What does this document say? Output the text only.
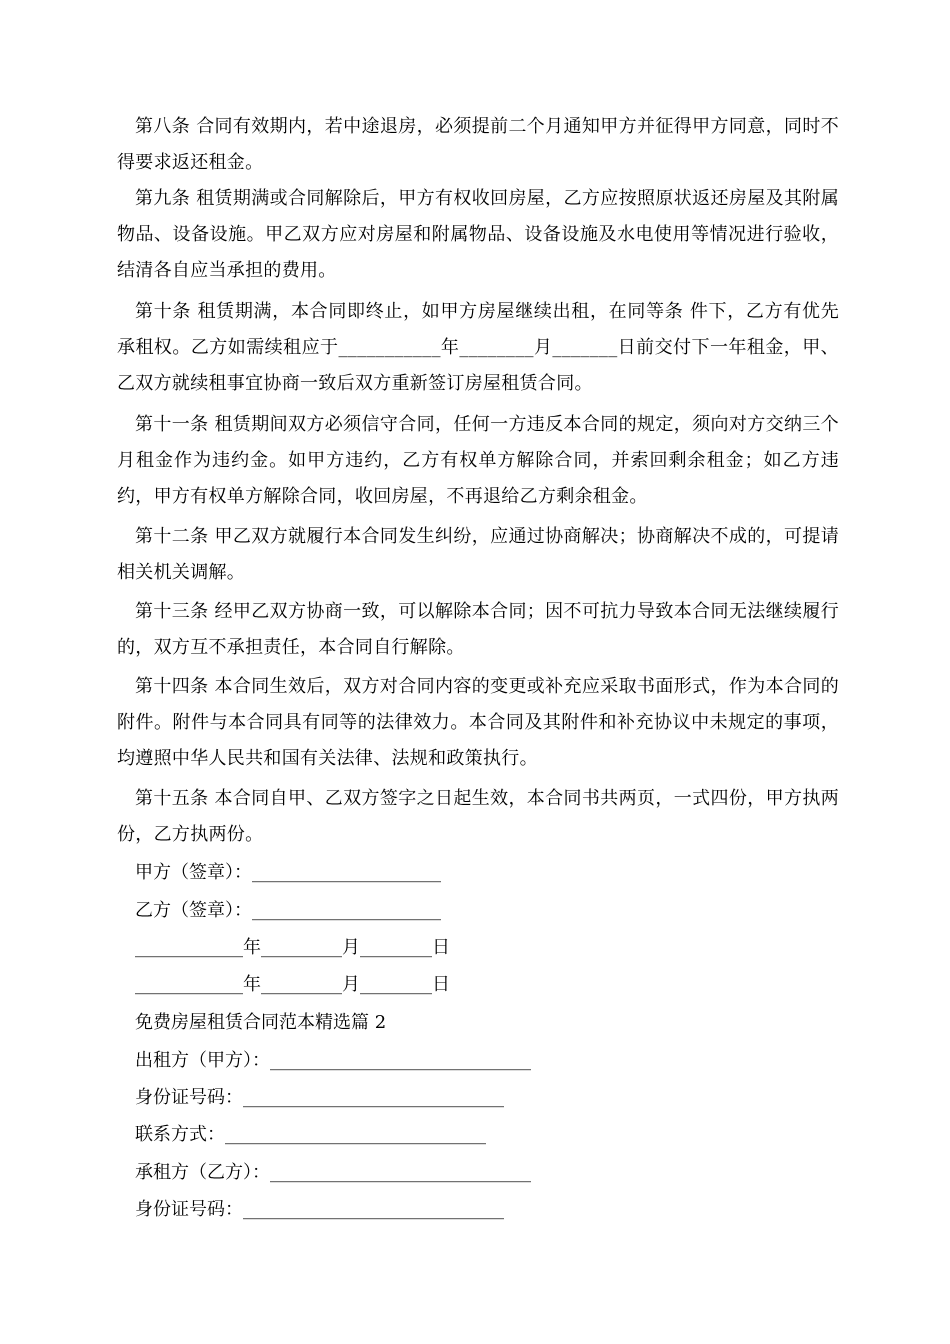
第八条 合同有效期内，若中途退房，必须提前二个月通知甲方并征得甲方同意，同时不得要求返还租金。

第九条 租赁期满或合同解除后，甲方有权收回房屋，乙方应按照原状返还房屋及其附属物品、设备设施。甲乙双方应对房屋和附属物品、设备设施及水电使用等情况进行验收，结清各自应当承担的费用。

第十条 租赁期满，本合同即终止，如甲方房屋继续出租，在同等条 件下，乙方有优先承租权。乙方如需续租应于___________年________月_______日前交付下一年租金，甲、乙双方就续租事宜协商一致后双方重新签订房屋租赁合同。

第十一条 租赁期间双方必须信守合同，任何一方违反本合同的规定，须向对方交纳三个月租金作为违约金。如甲方违约，乙方有权单方解除合同，并索回剩余租金；如乙方违约，甲方有权单方解除合同，收回房屋，不再退给乙方剩余租金。

第十二条 甲乙双方就履行本合同发生纠纷，应通过协商解决；协商解决不成的，可提请相关机关调解。

第十三条 经甲乙双方协商一致，可以解除本合同；因不可抗力导致本合同无法继续履行的，双方互不承担责任，本合同自行解除。

第十四条 本合同生效后，双方对合同内容的变更或补充应采取书面形式，作为本合同的附件。附件与本合同具有同等的法律效力。本合同及其附件和补充协议中未规定的事项，均遵照中华人民共和国有关法律、法规和政策执行。

第十五条 本合同自甲、乙双方签字之日起生效，本合同书共两页，一式四份，甲方执两份，乙方执两份。

甲方（签章）：_____________________
乙方（签章）：_____________________
____________年_________月________日
____________年_________月________日
免费房屋租赁合同范本精选篇 2
出租方（甲方）：_____________________________
身份证号码：_____________________________
联系方式：_____________________________
承租方（乙方）：_____________________________
身份证号码：_____________________________
